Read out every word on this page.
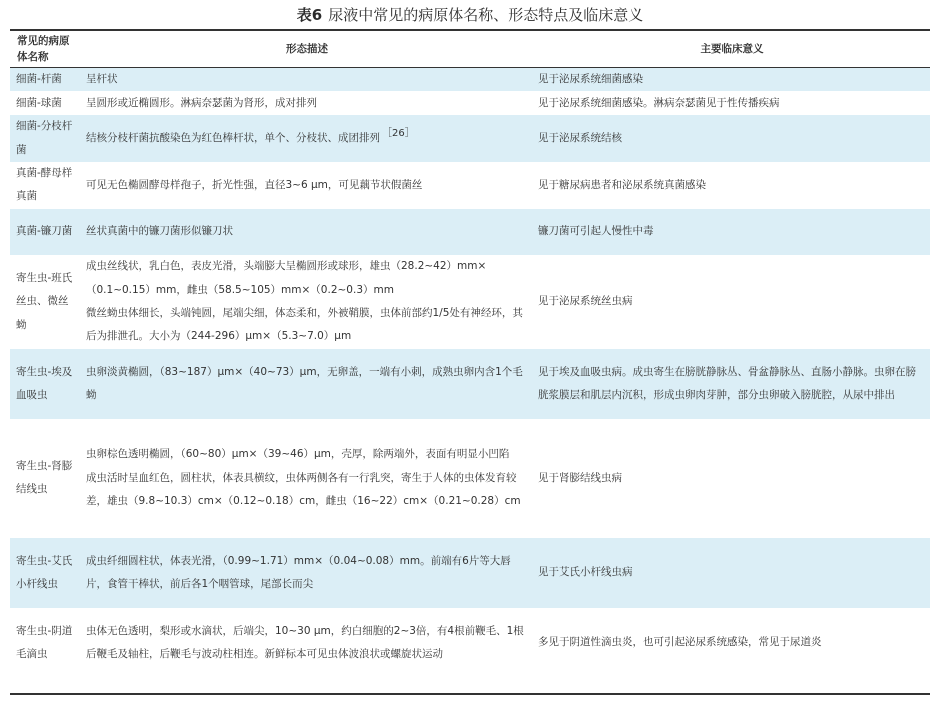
表6 尿液中常见的病原体名称、形态特点及临床意义
常见的病原体名称	形态描述	主要临床意义
细菌-杆菌	呈杆状	见于泌尿系统细菌感染

细菌-球菌	呈圆形或近椭圆形。淋病奈瑟菌为肾形，成对排列	见于泌尿系统细菌感染。淋病奈瑟菌见于性传播疾病

细菌-分枝杆菌	结核分枝杆菌抗酸染色为红色棒杆状，单个、分枝状、成团排列 ［26］	见于泌尿系统结核

真菌-酵母样真菌	可见无色椭圆酵母样孢子，折光性强，直径3~6 μm，可见藕节状假菌丝	见于糖尿病患者和泌尿系统真菌感染

真菌-镰刀菌	丝状真菌中的镰刀菌形似镰刀状	镰刀菌可引起人慢性中毒

寄生虫-班氏丝虫、微丝蚴	成虫丝线状，乳白色，表皮光滑，头端膨大呈椭圆形或球形，雄虫（28.2~42）mm×（0.1~0.15）mm，雌虫（58.5~105）mm×（0.2~0.3）mm
微丝蚴虫体细长，头端钝圆，尾端尖细，体态柔和，外被鞘膜，虫体前部约1/5处有神经环，其后为排泄孔。大小为（244-296）μm×（5.3~7.0）μm	见于泌尿系统丝虫病

寄生虫-埃及血吸虫	虫卵淡黄椭圆，（83~187）μm×（40~73）μm，无卵盖，一端有小刺，成熟虫卵内含1个毛蚴	见于埃及血吸虫病。成虫寄生在膀胱静脉丛、骨盆静脉丛、直肠小静脉。虫卵在膀胱浆膜层和肌层内沉积，形成虫卵肉芽肿，部分虫卵破入膀胱腔，从尿中排出

寄生虫-肾膨结线虫	虫卵棕色透明椭圆，（60~80）μm×（39~46）μm，壳厚，除两端外，表面有明显小凹陷
成虫活时呈血红色，圆柱状，体表具横纹，虫体两侧各有一行乳突，寄生于人体的虫体发育较差，雄虫（9.8~10.3）cm×（0.12~0.18）cm，雌虫（16~22）cm×（0.21~0.28）cm	见于肾膨结线虫病

寄生虫-艾氏小杆线虫	成虫纤细圆柱状，体表光滑，（0.99~1.71）mm×（0.04~0.08）mm。前端有6片等大唇片，食管干棒状，前后各1个咽管球，尾部长而尖	见于艾氏小杆线虫病

寄生虫-阴道毛滴虫	虫体无色透明，梨形或水滴状，后端尖，10~30 μm，约白细胞的2~3倍，有4根前鞭毛、1根后鞭毛及轴柱，后鞭毛与波动柱相连。新鲜标本可见虫体波浪状或螺旋状运动	多见于阴道性滴虫炎，也可引起泌尿系统感染，常见于尿道炎
